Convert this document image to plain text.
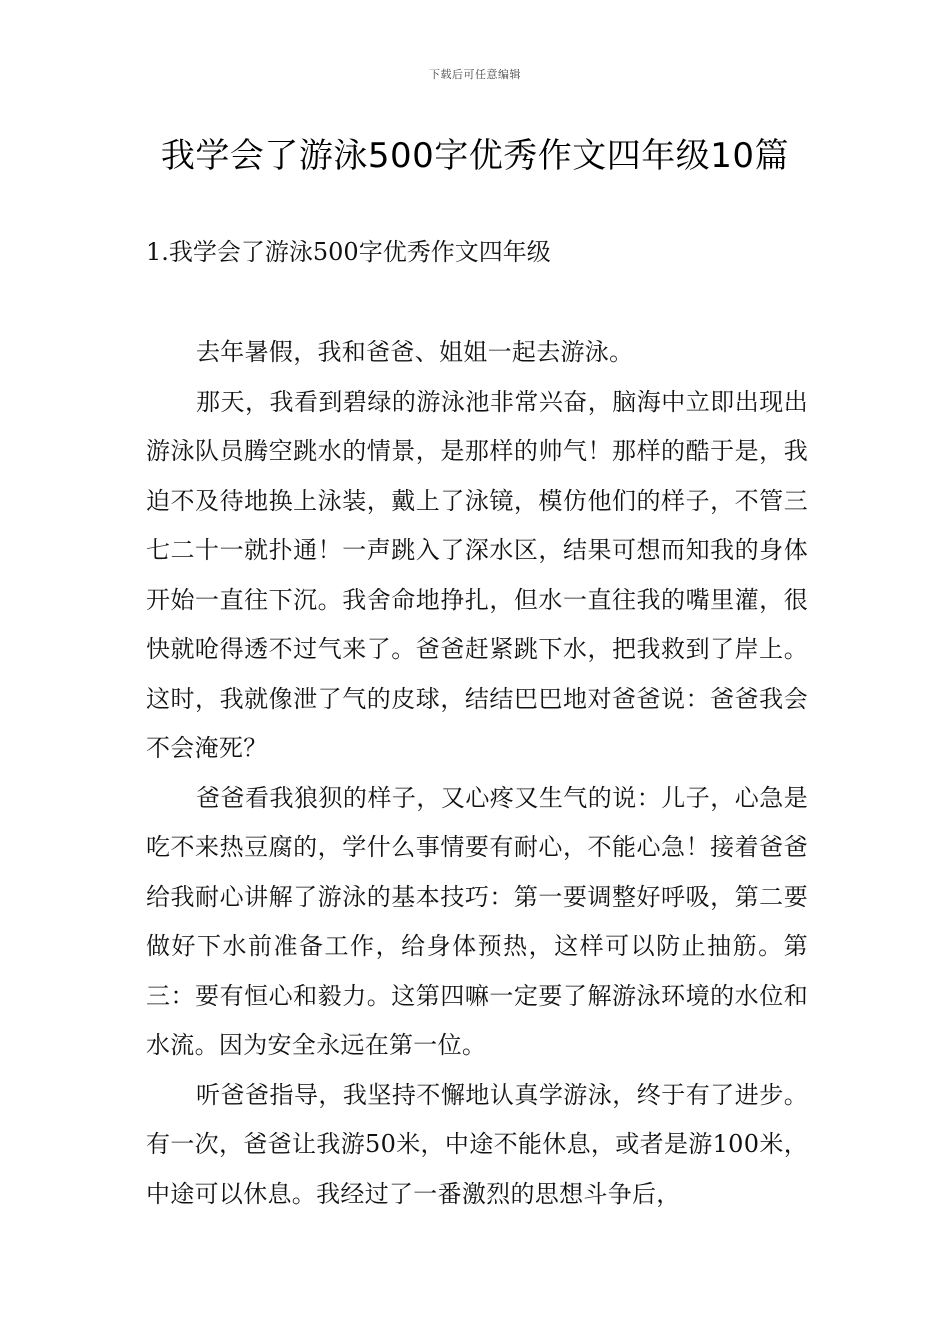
下载后可任意编辑
我学会了游泳500字优秀作文四年级10篇
1.我学会了游泳500字优秀作文四年级

去年暑假，我和爸爸、姐姐一起去游泳。

那天，我看到碧绿的游泳池非常兴奋，脑海中立即出现出游泳队员腾空跳水的情景，是那样的帅气！那样的酷于是，我迫不及待地换上泳装，戴上了泳镜，模仿他们的样子，不管三七二十一就扑通！一声跳入了深水区，结果可想而知我的身体开始一直往下沉。我舍命地挣扎，但水一直往我的嘴里灌，很快就呛得透不过气来了。爸爸赶紧跳下水，把我救到了岸上。这时，我就像泄了气的皮球，结结巴巴地对爸爸说：爸爸我会不会淹死？

爸爸看我狼狈的样子，又心疼又生气的说：儿子，心急是吃不来热豆腐的，学什么事情要有耐心，不能心急！接着爸爸给我耐心讲解了游泳的基本技巧：第一要调整好呼吸，第二要做好下水前准备工作，给身体预热，这样可以防止抽筋。第三：要有恒心和毅力。这第四嘛一定要了解游泳环境的水位和水流。因为安全永远在第一位。

听爸爸指导，我坚持不懈地认真学游泳，终于有了进步。有一次，爸爸让我游50米，中途不能休息，或者是游100米，中途可以休息。我经过了一番激烈的思想斗争后，
